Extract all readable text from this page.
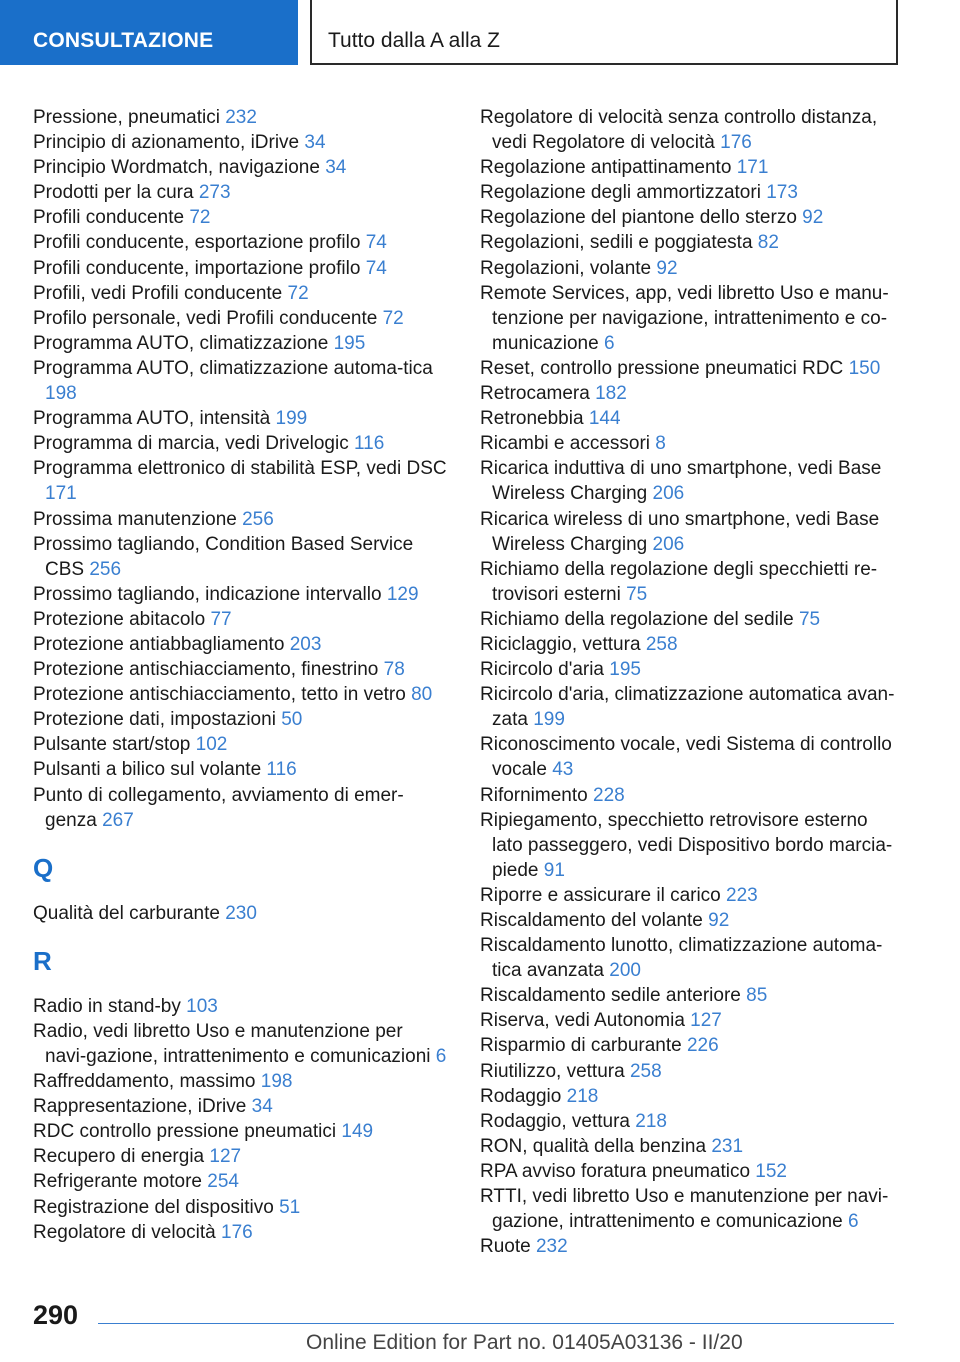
CONSULTAZIONE	Tutto dalla A alla Z
Pressione, pneumatici 232
Principio di azionamento, iDrive 34
Principio Wordmatch, navigazione 34
Prodotti per la cura 273
Profili conducente 72
Profili conducente, esportazione profilo 74
Profili conducente, importazione profilo 74
Profili, vedi Profili conducente 72
Profilo personale, vedi Profili conducente 72
Programma AUTO, climatizzazione 195
Programma AUTO, climatizzazione automa-tica 198
Programma AUTO, intensità 199
Programma di marcia, vedi Drivelogic 116
Programma elettronico di stabilità ESP, vedi DSC 171
Prossima manutenzione 256
Prossimo tagliando, Condition Based Service CBS 256
Prossimo tagliando, indicazione intervallo 129
Protezione abitacolo 77
Protezione antiabbagliamento 203
Protezione antischiacciamento, finestrino 78
Protezione antischiacciamento, tetto in vetro 80
Protezione dati, impostazioni 50
Pulsante start/stop 102
Pulsanti a bilico sul volante 116
Punto di collegamento, avviamento di emer-genza 267
Q
Qualità del carburante 230
R
Radio in stand-by 103
Radio, vedi libretto Uso e manutenzione per navi-gazione, intrattenimento e comunicazioni 6
Raffreddamento, massimo 198
Rappresentazione, iDrive 34
RDC controllo pressione pneumatici 149
Recupero di energia 127
Refrigerante motore 254
Registrazione del dispositivo 51
Regolatore di velocità 176
Regolatore di velocità senza controllo distanza, vedi Regolatore di velocità 176
Regolazione antipattinamento 171
Regolazione degli ammortizzatori 173
Regolazione del piantone dello sterzo 92
Regolazioni, sedili e poggiatesta 82
Regolazioni, volante 92
Remote Services, app, vedi libretto Uso e manu-tenzione per navigazione, intrattenimento e co-municazione 6
Reset, controllo pressione pneumatici RDC 150
Retrocamera 182
Retronebbia 144
Ricambi e accessori 8
Ricarica induttiva di uno smartphone, vedi Base Wireless Charging 206
Ricarica wireless di uno smartphone, vedi Base Wireless Charging 206
Richiamo della regolazione degli specchietti re-trovisori esterni 75
Richiamo della regolazione del sedile 75
Riciclaggio, vettura 258
Ricircolo d'aria 195
Ricircolo d'aria, climatizzazione automatica avan-zata 199
Riconoscimento vocale, vedi Sistema di controllo vocale 43
Rifornimento 228
Ripiegamento, specchietto retrovisore esterno lato passeggero, vedi Dispositivo bordo marcia-piede 91
Riporre e assicurare il carico 223
Riscaldamento del volante 92
Riscaldamento lunotto, climatizzazione automa-tica avanzata 200
Riscaldamento sedile anteriore 85
Riserva, vedi Autonomia 127
Risparmio di carburante 226
Riutilizzo, vettura 258
Rodaggio 218
Rodaggio, vettura 218
RON, qualità della benzina 231
RPA avviso foratura pneumatico 152
RTTI, vedi libretto Uso e manutenzione per navi-gazione, intrattenimento e comunicazione 6
Ruote 232
290
Online Edition for Part no. 01405A03136 - II/20
